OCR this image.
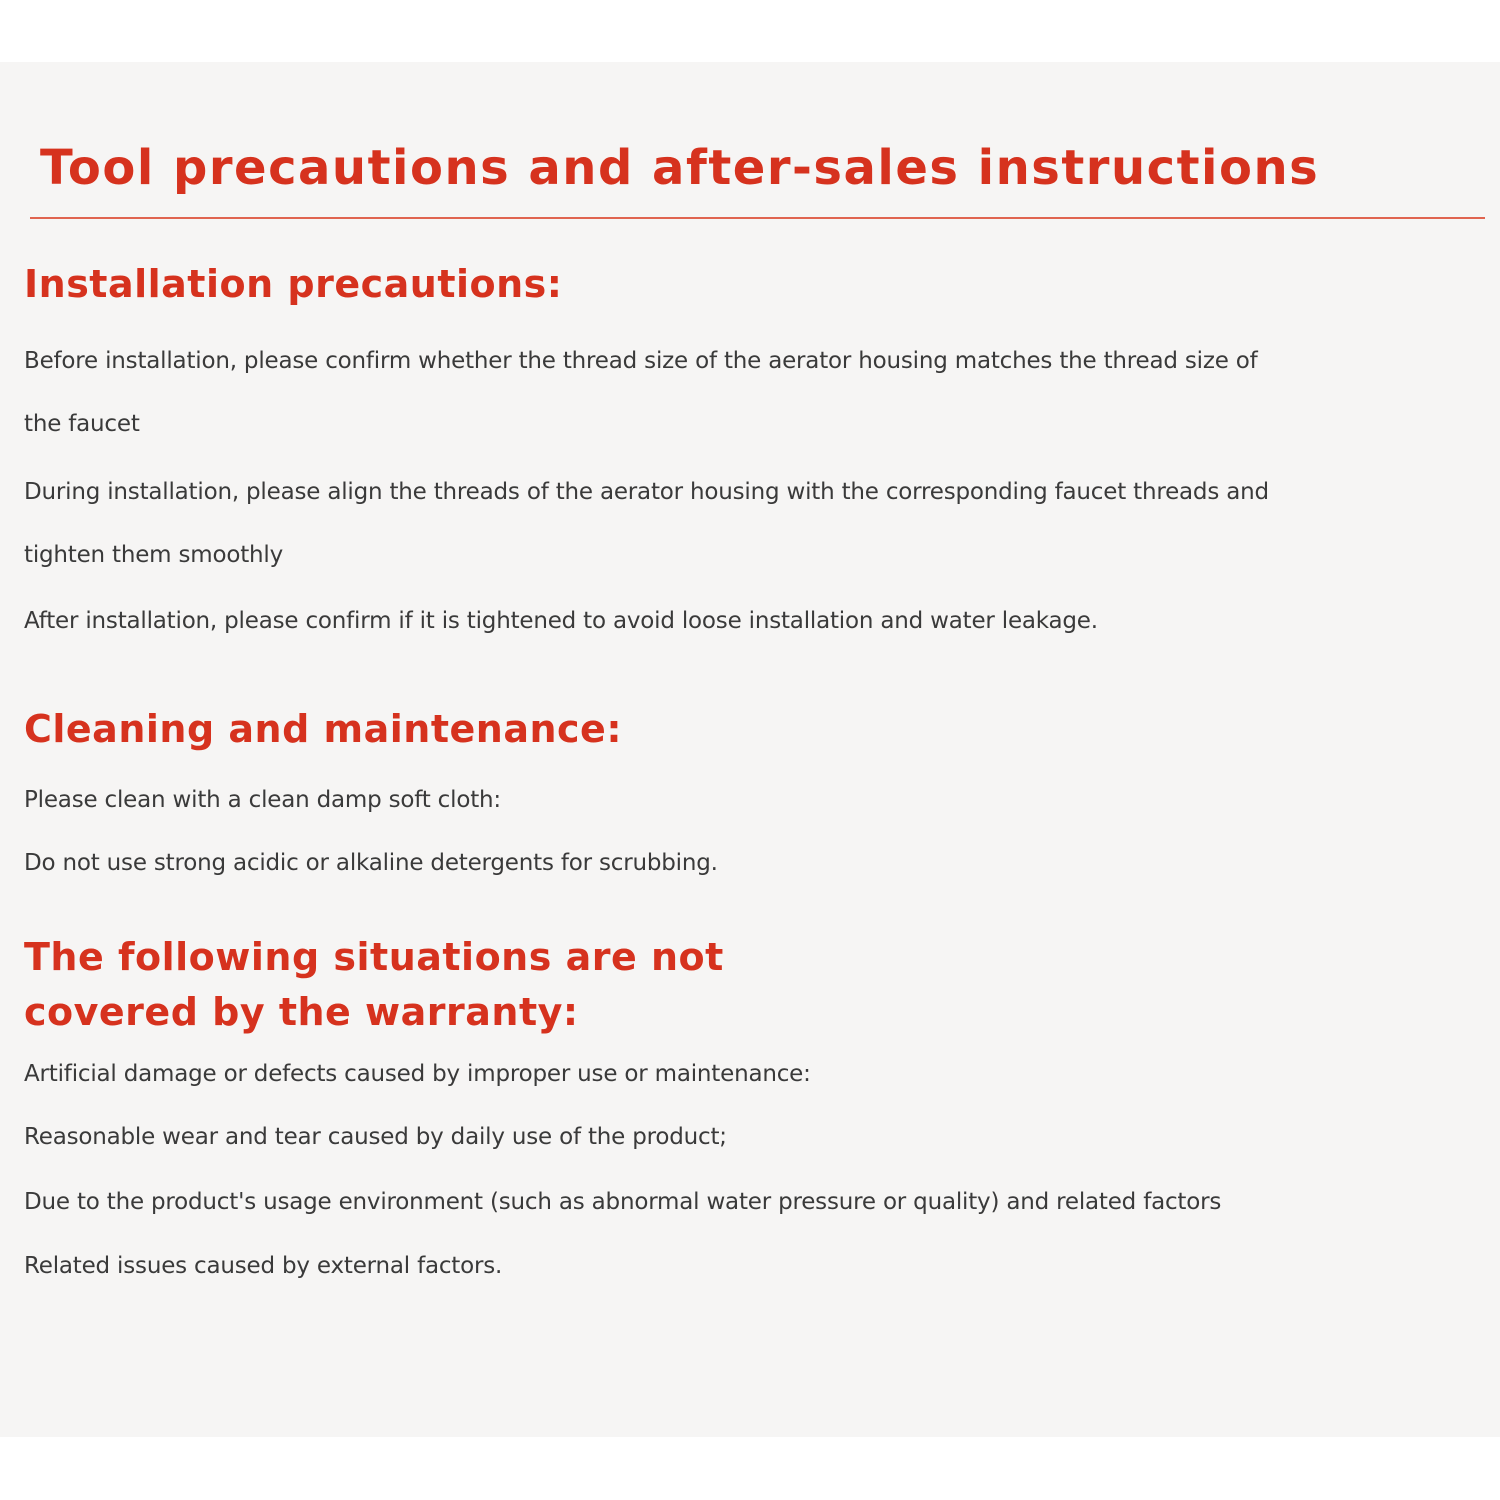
Tool precautions and after-sales instructions
Installation precautions:

Before installation, please confirm whether the thread size of the aerator housing matches the thread size of

the faucet

During installation, please align the threads of the aerator housing with the corresponding faucet threads and

tighten them smoothly

After installation, please confirm if it is tightened to avoid loose installation and water leakage.

Cleaning and maintenance:

Please clean with a clean damp soft cloth:

Do not use strong acidic or alkaline detergents for scrubbing.

The following situations are not
covered by the warranty:

Artificial damage or defects caused by improper use or maintenance:

Reasonable wear and tear caused by daily use of the product;

Due to the product's usage environment (such as abnormal water pressure or quality) and related factors

Related issues caused by external factors.
